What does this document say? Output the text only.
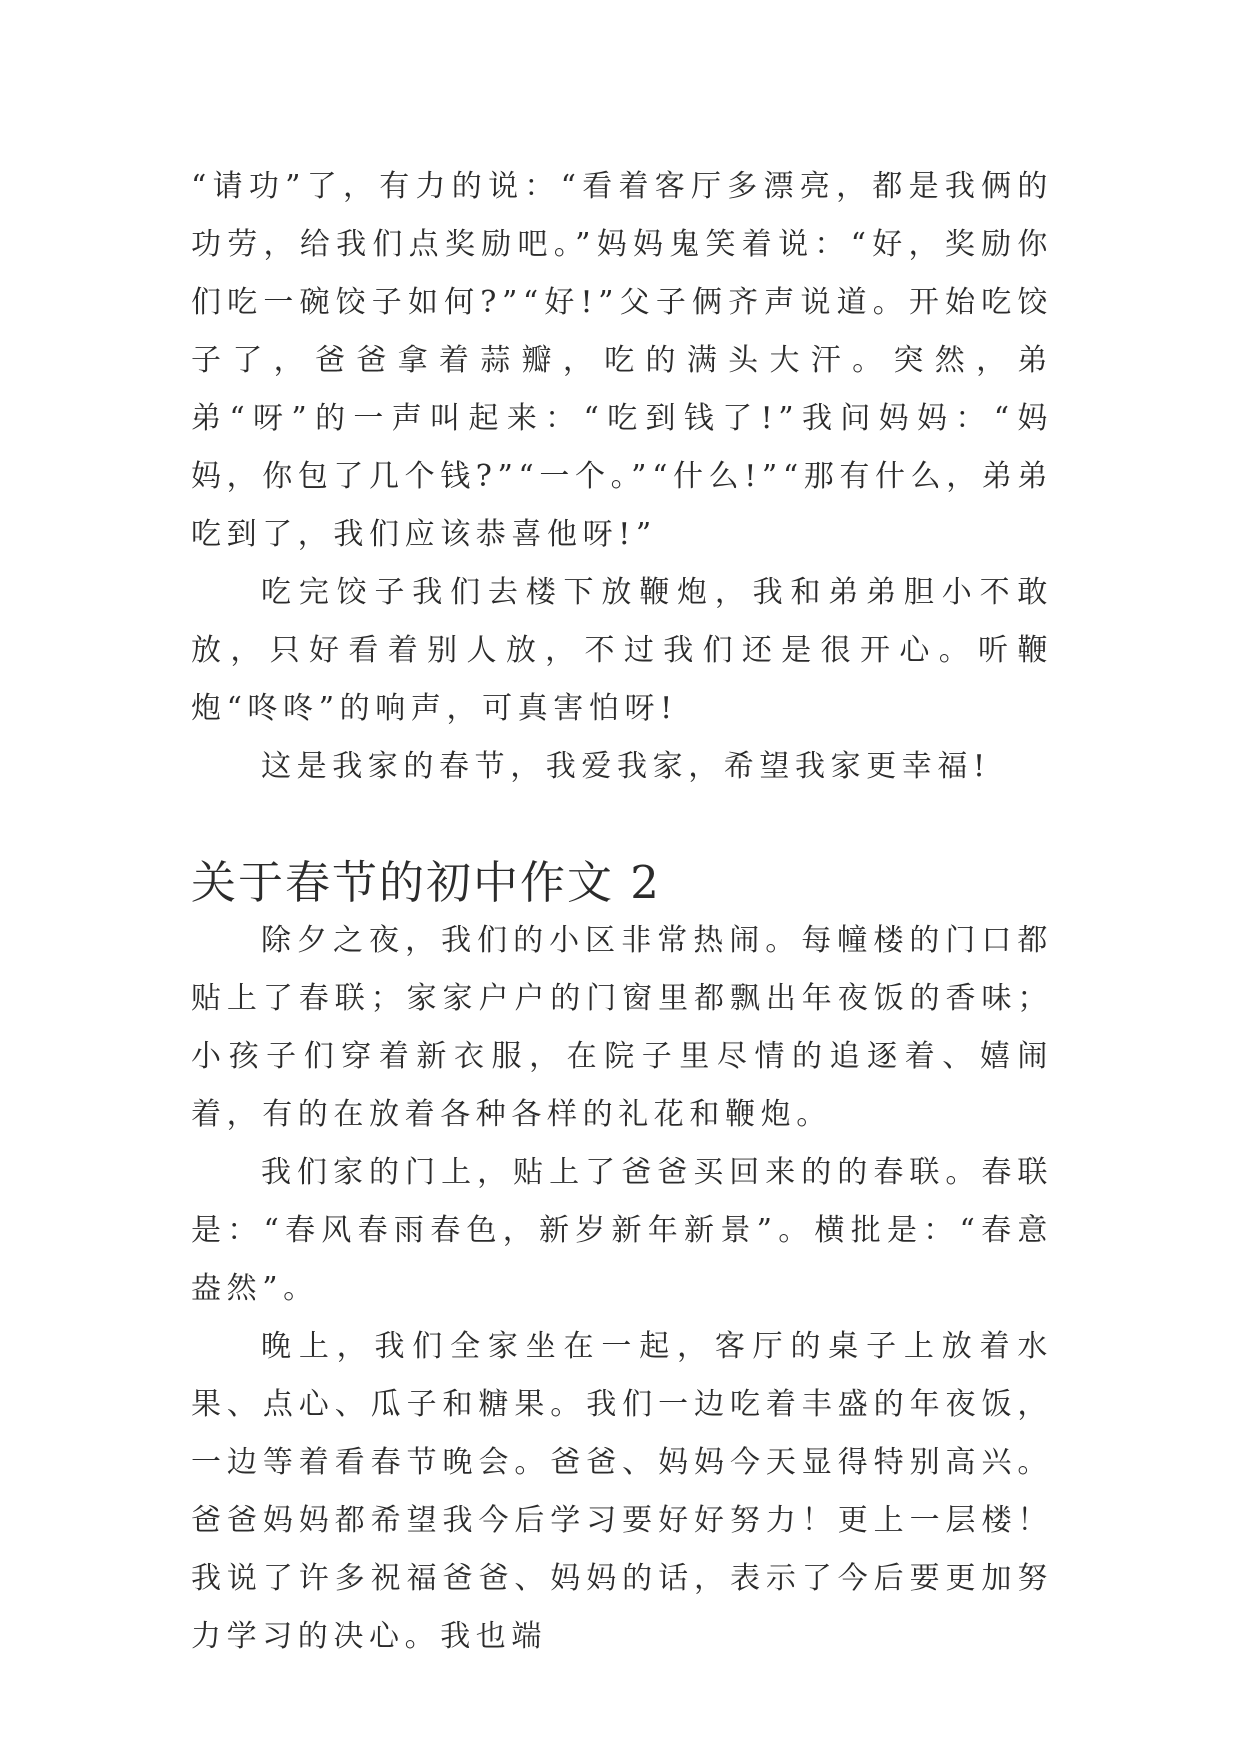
“请功”了，有力的说：“看着客厅多漂亮，都是我俩的功劳，给我们点奖励吧。”妈妈鬼笑着说：“好，奖励你们吃一碗饺子如何?”“好!”父子俩齐声说道。开始吃饺子了，爸爸拿着蒜瓣，吃的满头大汗。突然，弟弟“呀”的一声叫起来：“吃到钱了!”我问妈妈：“妈妈，你包了几个钱?”“一个。”“什么!”“那有什么，弟弟吃到了，我们应该恭喜他呀!”

吃完饺子我们去楼下放鞭炮，我和弟弟胆小不敢放，只好看着别人放，不过我们还是很开心。听鞭炮“咚咚”的响声，可真害怕呀!

这是我家的春节，我爱我家，希望我家更幸福!

关于春节的初中作文 2

除夕之夜，我们的小区非常热闹。每幢楼的门口都贴上了春联；家家户户的门窗里都飘出年夜饭的香味；小孩子们穿着新衣服，在院子里尽情的追逐着、嬉闹着，有的在放着各种各样的礼花和鞭炮。

我们家的门上，贴上了爸爸买回来的的春联。春联是：“春风春雨春色，新岁新年新景”。横批是：“春意盎然”。

晚上，我们全家坐在一起，客厅的桌子上放着水果、点心、瓜子和糖果。我们一边吃着丰盛的年夜饭，一边等着看春节晚会。爸爸、妈妈今天显得特别高兴。爸爸妈妈都希望我今后学习要好好努力！更上一层楼！我说了许多祝福爸爸、妈妈的话，表示了今后要更加努力学习的决心。我也端
